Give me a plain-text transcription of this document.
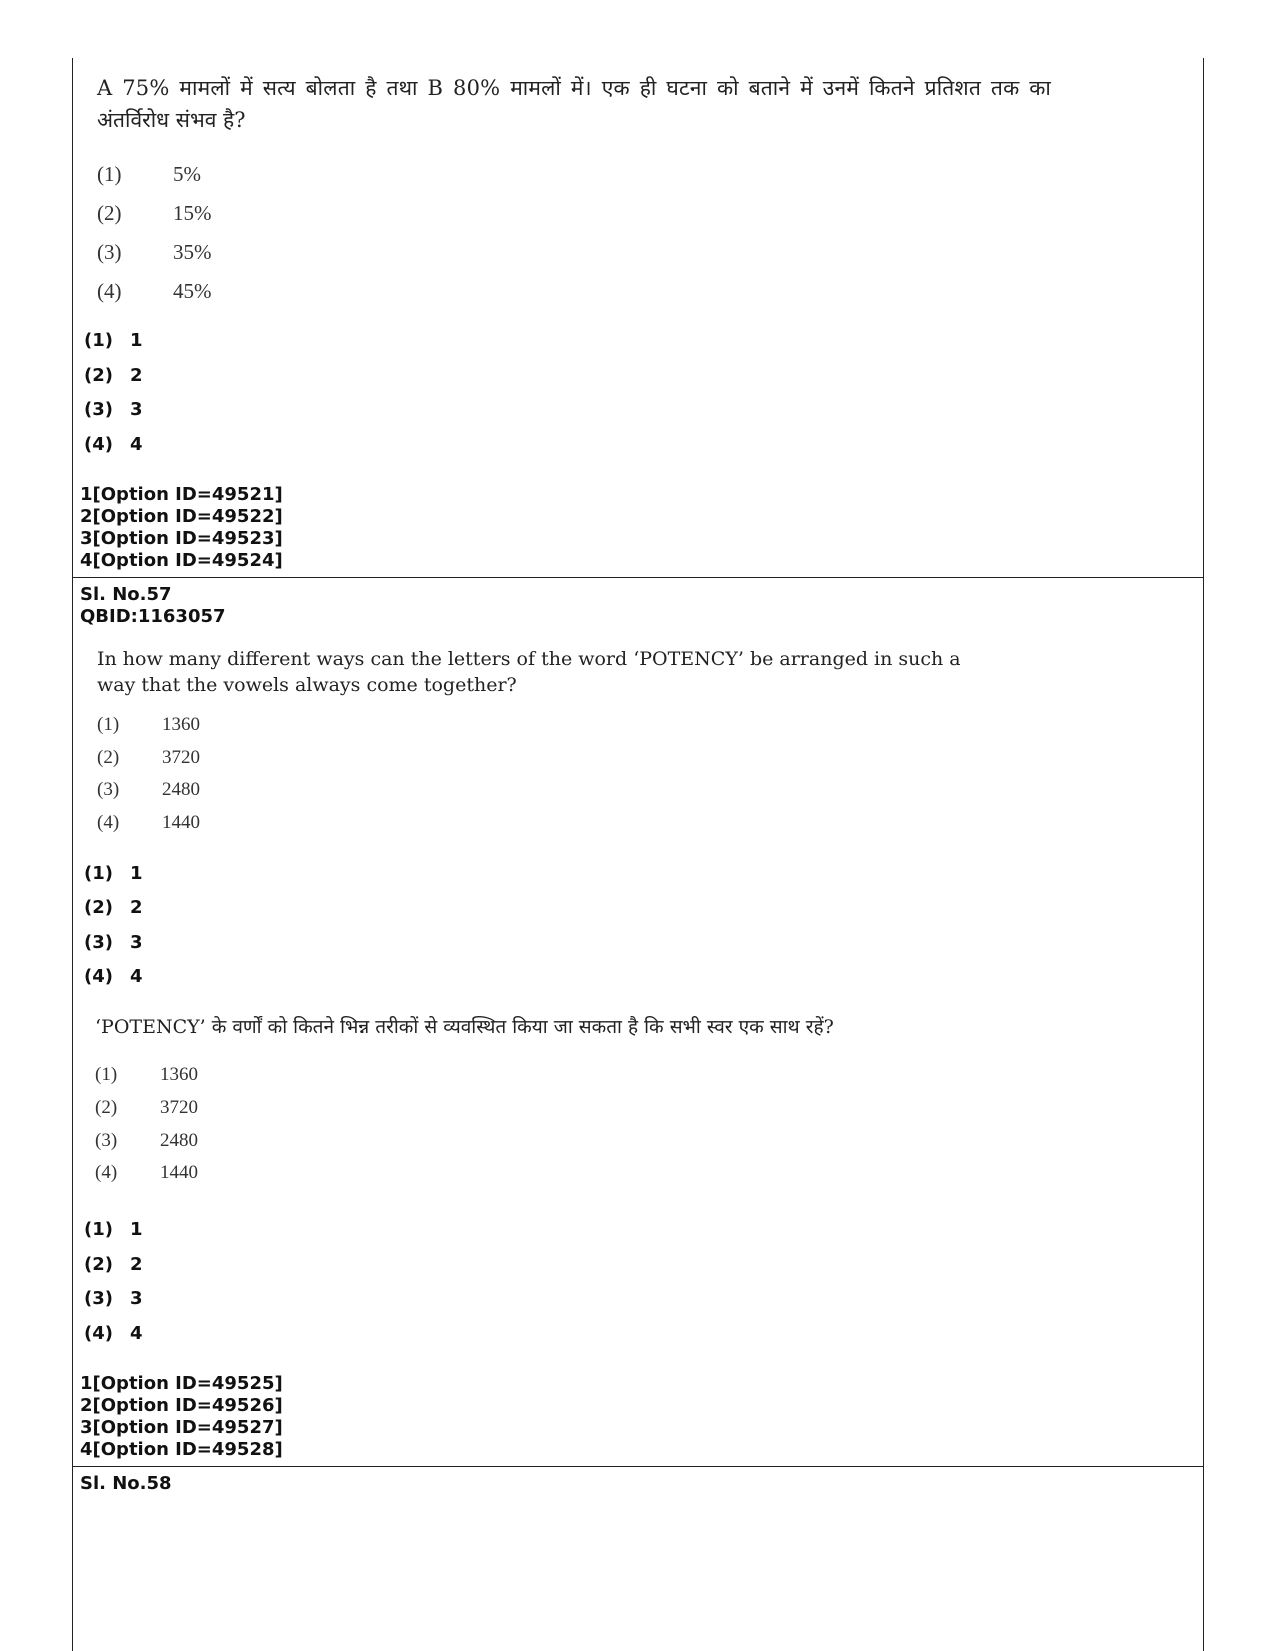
A 75% मामलों में सत्य बोलता है तथा B 80% मामलों में। एक ही घटना को बताने में उनमें कितने प्रतिशत तक का
अंतर्विरोध संभव है?
(1) 5%
(2) 15%
(3) 35%
(4) 45%
(1) 1
(2) 2
(3) 3
(4) 4
1[Option ID=49521]
2[Option ID=49522]
3[Option ID=49523]
4[Option ID=49524]
Sl. No.57
QBID:1163057
In how many different ways can the letters of the word ‘POTENCY’ be arranged in such a
way that the vowels always come together?
(1) 1360
(2) 3720
(3) 2480
(4) 1440
(1) 1
(2) 2
(3) 3
(4) 4
‘POTENCY’ के वर्णों को कितने भिन्न तरीकों से व्यवस्थित किया जा सकता है कि सभी स्वर एक साथ रहें?
(1) 1360
(2) 3720
(3) 2480
(4) 1440
(1) 1
(2) 2
(3) 3
(4) 4
1[Option ID=49525]
2[Option ID=49526]
3[Option ID=49527]
4[Option ID=49528]
Sl. No.58
